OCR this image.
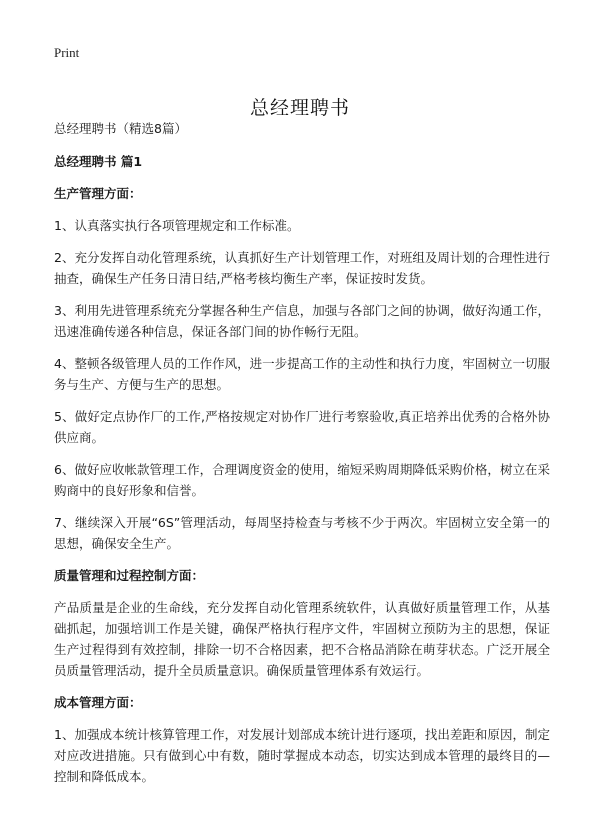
Print
总经理聘书

总经理聘书（精选8篇）

总经理聘书 篇1

生产管理方面：

1、认真落实执行各项管理规定和工作标准。

2、充分发挥自动化管理系统，认真抓好生产计划管理工作，对班组及周计划的合理性进行抽查，确保生产任务日清日结,严格考核均衡生产率，保证按时发货。

3、利用先进管理系统充分掌握各种生产信息，加强与各部门之间的协调，做好沟通工作，迅速准确传递各种信息，保证各部门间的协作畅行无阻。

4、整顿各级管理人员的工作作风，进一步提高工作的主动性和执行力度，牢固树立一切服务与生产、方便与生产的思想。

5、做好定点协作厂的工作,严格按规定对协作厂进行考察验收,真正培养出优秀的合格外协供应商。

6、做好应收帐款管理工作，合理调度资金的使用，缩短采购周期降低采购价格，树立在采购商中的良好形象和信誉。

7、继续深入开展“6S”管理活动，每周坚持检查与考核不少于两次。牢固树立安全第一的思想，确保安全生产。

质量管理和过程控制方面：

产品质量是企业的生命线，充分发挥自动化管理系统软件，认真做好质量管理工作，从基础抓起，加强培训工作是关键，确保严格执行程序文件，牢固树立预防为主的思想，保证生产过程得到有效控制，排除一切不合格因素，把不合格品消除在萌芽状态。广泛开展全员质量管理活动，提升全员质量意识。确保质量管理体系有效运行。

成本管理方面：

1、加强成本统计核算管理工作，对发展计划部成本统计进行逐项，找出差距和原因，制定对应改进措施。只有做到心中有数，随时掌握成本动态，切实达到成本管理的最终目的—控制和降低成本。
